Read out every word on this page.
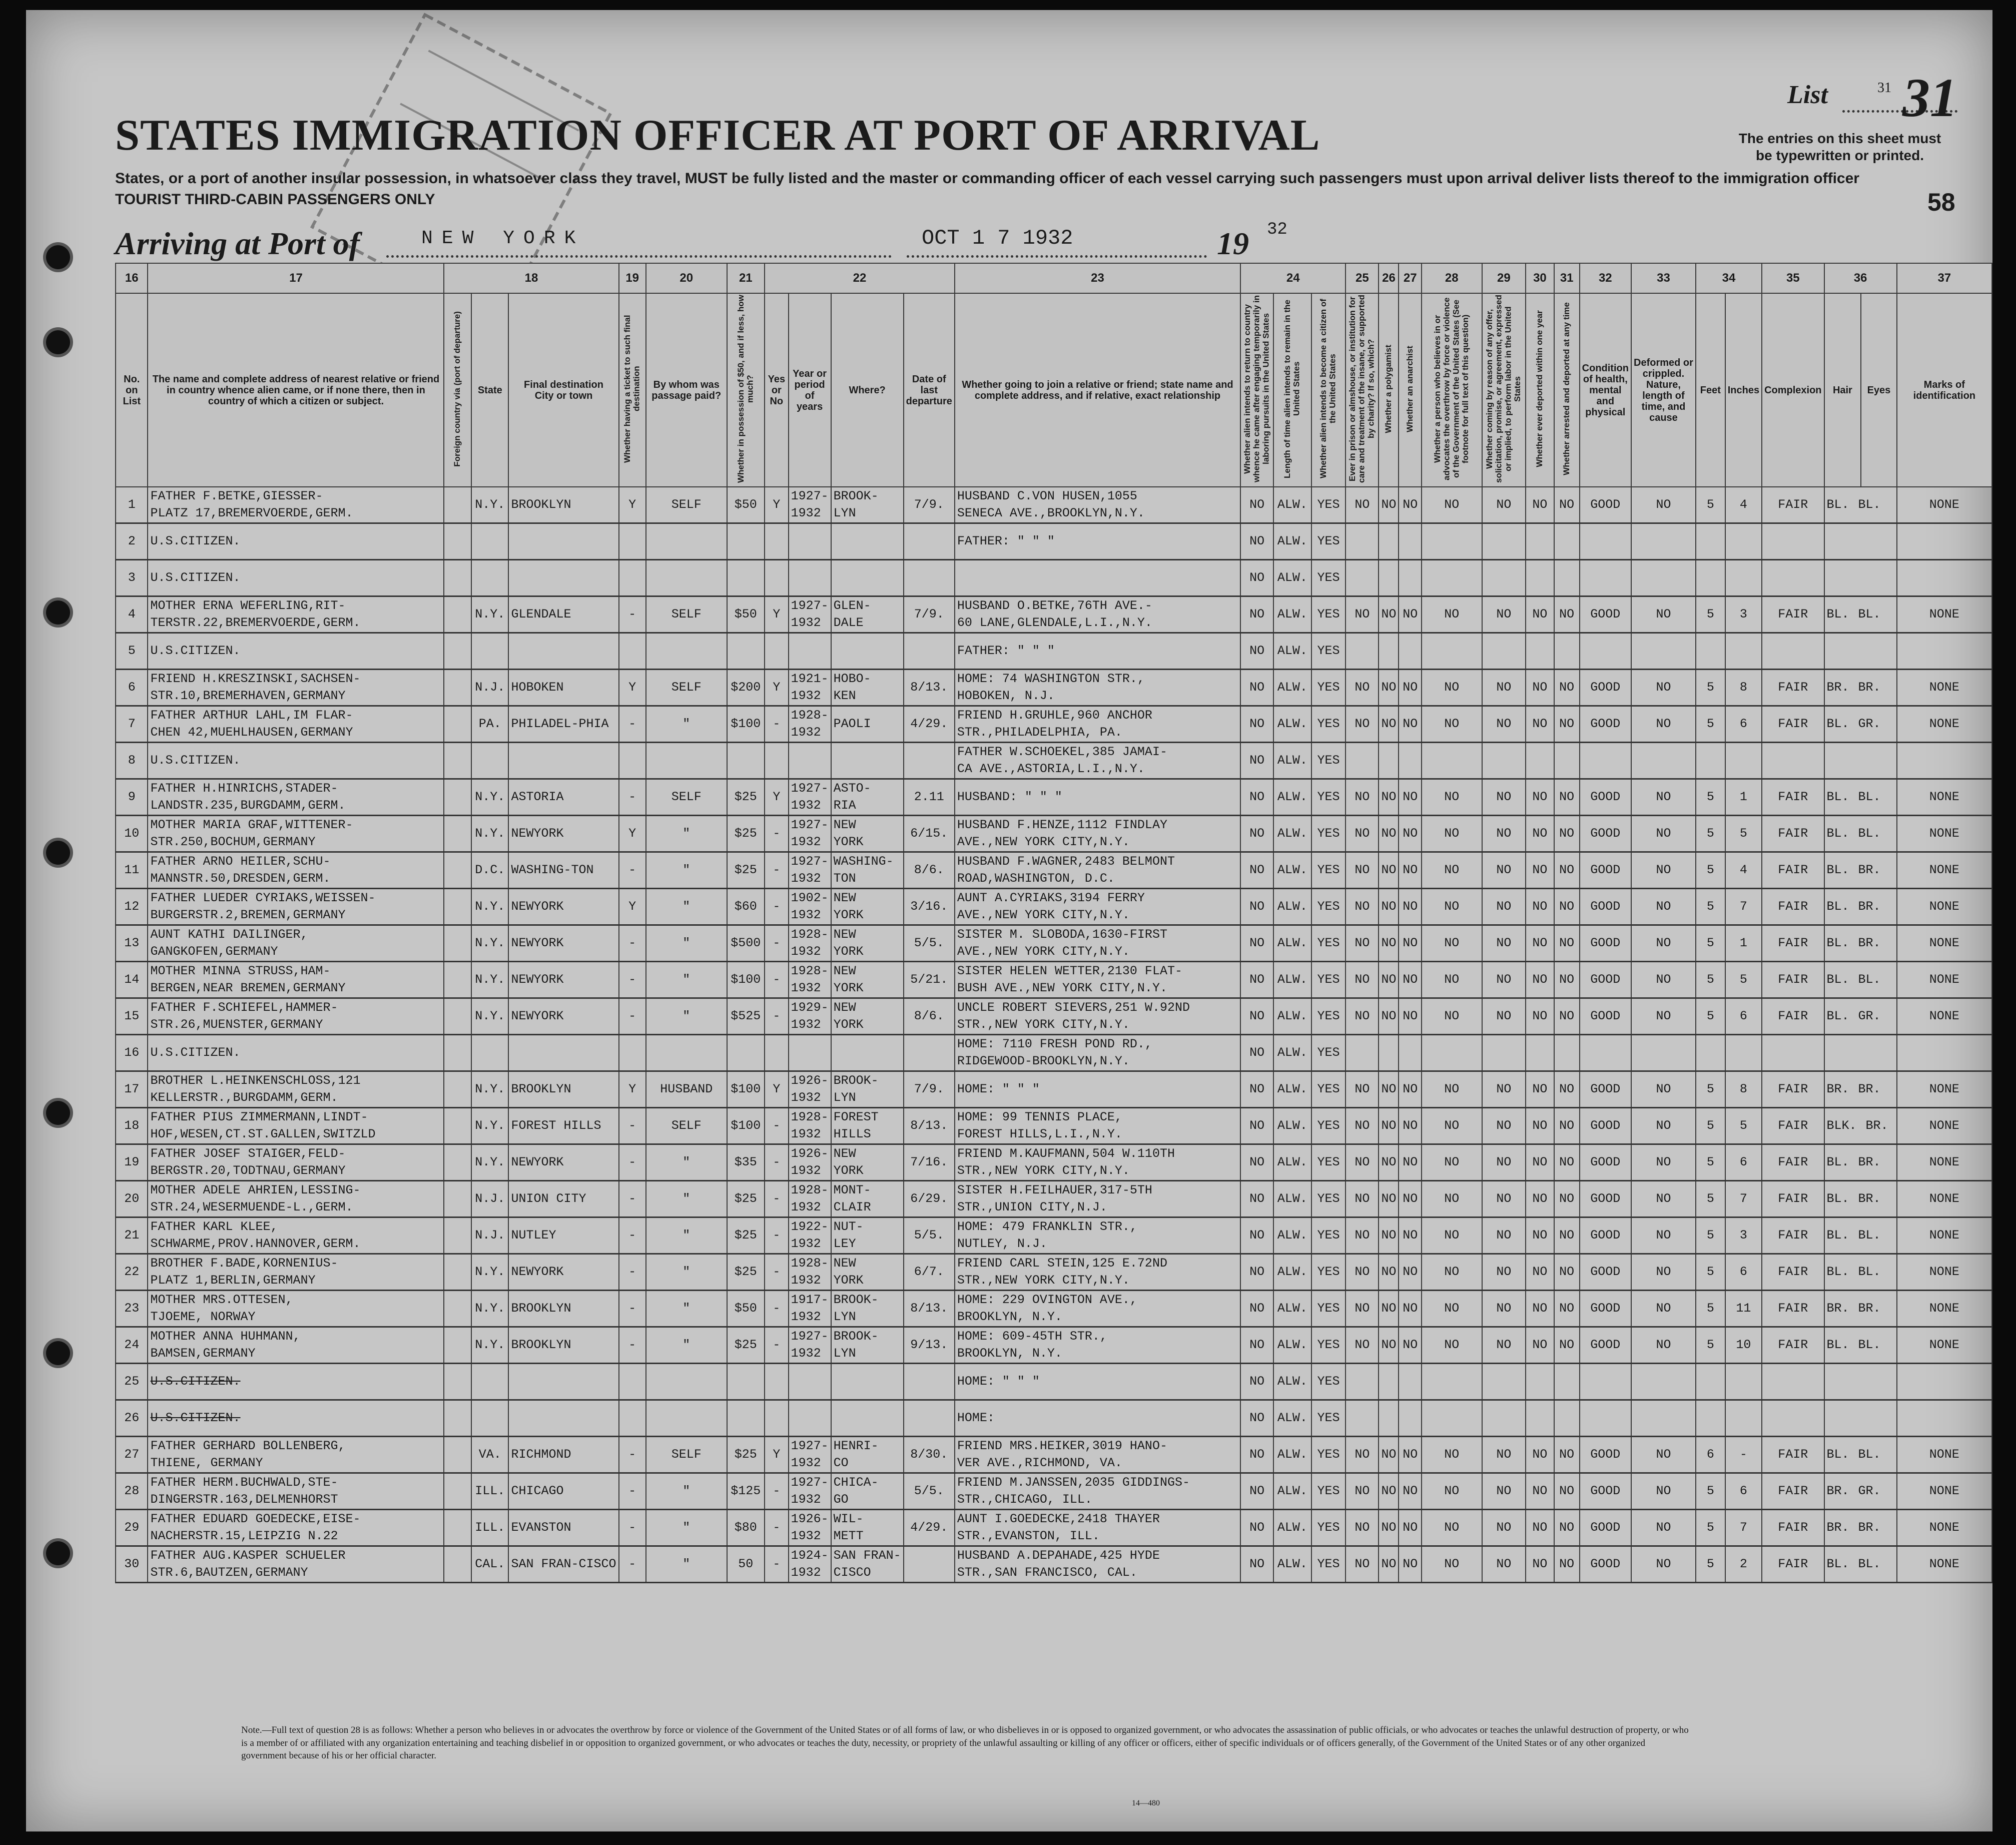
STATES IMMIGRATION OFFICER AT PORT OF ARRIVAL
States, or a port of another insular possession, in whatsoever class they travel, MUST be fully listed and the master or commanding officer of each vessel carrying such passengers must upon arrival deliver lists thereof to the immigration officer
TOURIST THIRD-CABIN PASSENGERS ONLY
List	31 31
The entries on this sheet must be typewritten or printed.
58
Arriving at Port of	NEW YORK	OCT 1 7 1932	19 32
16	17	18			19	20	21	22				23	24			25	26	27	28	29	30	31	32	33	34		35	36		37
No. on List	The name and complete address of nearest relative or friend in country whence alien came, or if none there, then in country of which a citizen or subject.	Foreign country via (port of departure)	State	Final destination
City or town	Whether having a ticket to such final destination	By whom was passage paid?	Whether in possession of $50, and if less, how much?	Yes or No	Year or period of years	Where?	Date of last departure	Whether going to join a relative or friend; state name and complete address, and if relative, exact relationship	Whether alien intends to return to country whence he came after engaging temporarily in laboring pursuits in the United States	Length of time alien intends to remain in the United States	Whether alien intends to become a citizen of the United States	Ever in prison or almshouse, or institution for care and treatment of the insane, or supported by charity? If so, which?	Whether a polygamist	Whether an anarchist	Whether a person who believes in or advocates the overthrow by force or violence of the Government of the United States (See footnote for full text of this question)	Whether coming by reason of any offer, solicitation, promise, or agreement, expressed or implied, to perform labor in the United States	Whether ever deported within one year	Whether arrested and deported at any time	Condition of health, mental and physical	Deformed or crippled. Nature, length of time, and cause	Feet	Inches	Complexion	Hair	Eyes	Marks of identification
1	FATHER F.BETKE,GIESSER-
PLATZ 17,BREMERVOERDE,GERM.		N.Y.	BROOKLYN	Y	SELF	$50	Y	1927-
1932	BROOK-
LYN	7/9.	HUSBAND C.VON HUSEN,1055
SENECA AVE.,BROOKLYN,N.Y.	NO	ALW.	YES	NO	NO	NO	NO	NO	NO	NO	GOOD	NO	5	4	FAIR	BL. BL.		NONE
2	U.S.CITIZEN.											FATHER: " " "	NO	ALW.	YES															
3	U.S.CITIZEN.												NO	ALW.	YES															
4	MOTHER ERNA WEFERLING,RIT-
TERSTR.22,BREMERVOERDE,GERM.		N.Y.	GLENDALE	-	SELF	$50	Y	1927-
1932	GLEN-
DALE	7/9.	HUSBAND O.BETKE,76TH AVE.-
60 LANE,GLENDALE,L.I.,N.Y.	NO	ALW.	YES	NO	NO	NO	NO	NO	NO	NO	GOOD	NO	5	3	FAIR	BL. BL.		NONE
5	U.S.CITIZEN.											FATHER: " " "	NO	ALW.	YES															
6	FRIEND H.KRESZINSKI,SACHSEN-
STR.10,BREMERHAVEN,GERMANY		N.J.	HOBOKEN	Y	SELF	$200	Y	1921-
1932	HOBO-
KEN	8/13.	HOME: 74 WASHINGTON STR.,
HOBOKEN, N.J.	NO	ALW.	YES	NO	NO	NO	NO	NO	NO	NO	GOOD	NO	5	8	FAIR	BR. BR.		NONE
7	FATHER ARTHUR LAHL,IM FLAR-
CHEN 42,MUEHLHAUSEN,GERMANY		PA.	PHILADEL-PHIA	-	"	$100	-	1928-
1932	PAOLI	4/29.	FRIEND H.GRUHLE,960 ANCHOR
STR.,PHILADELPHIA, PA.	NO	ALW.	YES	NO	NO	NO	NO	NO	NO	NO	GOOD	NO	5	6	FAIR	BL. GR.		NONE
8	U.S.CITIZEN.											FATHER W.SCHOEKEL,385 JAMAI-
CA AVE.,ASTORIA,L.I.,N.Y.	NO	ALW.	YES															
9	FATHER H.HINRICHS,STADER-
LANDSTR.235,BURGDAMM,GERM.		N.Y.	ASTORIA	-	SELF	$25	Y	1927-
1932	ASTO-
RIA	2.11	HUSBAND: " " "	NO	ALW.	YES	NO	NO	NO	NO	NO	NO	NO	GOOD	NO	5	1	FAIR	BL. BL.		NONE
10	MOTHER MARIA GRAF,WITTENER-
STR.250,BOCHUM,GERMANY		N.Y.	NEWYORK	Y	"	$25	-	1927-
1932	NEW
YORK	6/15.	HUSBAND F.HENZE,1112 FINDLAY
AVE.,NEW YORK CITY,N.Y.	NO	ALW.	YES	NO	NO	NO	NO	NO	NO	NO	GOOD	NO	5	5	FAIR	BL. BL.		NONE
11	FATHER ARNO HEILER,SCHU-
MANNSTR.50,DRESDEN,GERM.		D.C.	WASHING-TON	-	"	$25	-	1927-
1932	WASHING-
TON	8/6.	HUSBAND F.WAGNER,2483 BELMONT
ROAD,WASHINGTON, D.C.	NO	ALW.	YES	NO	NO	NO	NO	NO	NO	NO	GOOD	NO	5	4	FAIR	BL. BR.		NONE
12	FATHER LUEDER CYRIAKS,WEISSEN-
BURGERSTR.2,BREMEN,GERMANY		N.Y.	NEWYORK	Y	"	$60	-	1902-
1932	NEW
YORK	3/16.	AUNT A.CYRIAKS,3194 FERRY
AVE.,NEW YORK CITY,N.Y.	NO	ALW.	YES	NO	NO	NO	NO	NO	NO	NO	GOOD	NO	5	7	FAIR	BL. BR.		NONE
13	AUNT KATHI DAILINGER,
GANGKOFEN,GERMANY		N.Y.	NEWYORK	-	"	$500	-	1928-
1932	NEW
YORK	5/5.	SISTER M. SLOBODA,1630-FIRST
AVE.,NEW YORK CITY,N.Y.	NO	ALW.	YES	NO	NO	NO	NO	NO	NO	NO	GOOD	NO	5	1	FAIR	BL. BR.		NONE
14	MOTHER MINNA STRUSS,HAM-
BERGEN,NEAR BREMEN,GERMANY		N.Y.	NEWYORK	-	"	$100	-	1928-
1932	NEW
YORK	5/21.	SISTER HELEN WETTER,2130 FLAT-
BUSH AVE.,NEW YORK CITY,N.Y.	NO	ALW.	YES	NO	NO	NO	NO	NO	NO	NO	GOOD	NO	5	5	FAIR	BL. BL.		NONE
15	FATHER F.SCHIEFEL,HAMMER-
STR.26,MUENSTER,GERMANY		N.Y.	NEWYORK	-	"	$525	-	1929-
1932	NEW
YORK	8/6.	UNCLE ROBERT SIEVERS,251 W.92ND
STR.,NEW YORK CITY,N.Y.	NO	ALW.	YES	NO	NO	NO	NO	NO	NO	NO	GOOD	NO	5	6	FAIR	BL. GR.		NONE
16	U.S.CITIZEN.											HOME: 7110 FRESH POND RD.,
RIDGEWOOD-BROOKLYN,N.Y.	NO	ALW.	YES															
17	BROTHER L.HEINKENSCHLOSS,121
KELLERSTR.,BURGDAMM,GERM.		N.Y.	BROOKLYN	Y	HUSBAND	$100	Y	1926-
1932	BROOK-
LYN	7/9.	HOME: " " "	NO	ALW.	YES	NO	NO	NO	NO	NO	NO	NO	GOOD	NO	5	8	FAIR	BR. BR.		NONE
18	FATHER PIUS ZIMMERMANN,LINDT-
HOF,WESEN,CT.ST.GALLEN,SWITZLD		N.Y.	FOREST HILLS	-	SELF	$100	-	1928-
1932	FOREST
HILLS	8/13.	HOME: 99 TENNIS PLACE,
FOREST HILLS,L.I.,N.Y.	NO	ALW.	YES	NO	NO	NO	NO	NO	NO	NO	GOOD	NO	5	5	FAIR	BLK. BR.		NONE
19	FATHER JOSEF STAIGER,FELD-
BERGSTR.20,TODTNAU,GERMANY		N.Y.	NEWYORK	-	"	$35	-	1926-
1932	NEW
YORK	7/16.	FRIEND M.KAUFMANN,504 W.110TH
STR.,NEW YORK CITY,N.Y.	NO	ALW.	YES	NO	NO	NO	NO	NO	NO	NO	GOOD	NO	5	6	FAIR	BL. BR.		NONE
20	MOTHER ADELE AHRIEN,LESSING-
STR.24,WESERMUENDE-L.,GERM.		N.J.	UNION CITY	-	"	$25	-	1928-
1932	MONT-
CLAIR	6/29.	SISTER H.FEILHAUER,317-5TH
STR.,UNION CITY,N.J.	NO	ALW.	YES	NO	NO	NO	NO	NO	NO	NO	GOOD	NO	5	7	FAIR	BL. BR.		NONE
21	FATHER KARL KLEE,
SCHWARME,PROV.HANNOVER,GERM.		N.J.	NUTLEY	-	"	$25	-	1922-
1932	NUT-
LEY	5/5.	HOME: 479 FRANKLIN STR.,
NUTLEY, N.J.	NO	ALW.	YES	NO	NO	NO	NO	NO	NO	NO	GOOD	NO	5	3	FAIR	BL. BL.		NONE
22	BROTHER F.BADE,KORNENIUS-
PLATZ 1,BERLIN,GERMANY		N.Y.	NEWYORK	-	"	$25	-	1928-
1932	NEW
YORK	6/7.	FRIEND CARL STEIN,125 E.72ND
STR.,NEW YORK CITY,N.Y.	NO	ALW.	YES	NO	NO	NO	NO	NO	NO	NO	GOOD	NO	5	6	FAIR	BL. BL.		NONE
23	MOTHER MRS.OTTESEN,
TJOEME, NORWAY		N.Y.	BROOKLYN	-	"	$50	-	1917-
1932	BROOK-
LYN	8/13.	HOME: 229 OVINGTON AVE.,
BROOKLYN, N.Y.	NO	ALW.	YES	NO	NO	NO	NO	NO	NO	NO	GOOD	NO	5	11	FAIR	BR. BR.		NONE
24	MOTHER ANNA HUHMANN,
BAMSEN,GERMANY		N.Y.	BROOKLYN	-	"	$25	-	1927-
1932	BROOK-
LYN	9/13.	HOME: 609-45TH STR.,
BROOKLYN, N.Y.	NO	ALW.	YES	NO	NO	NO	NO	NO	NO	NO	GOOD	NO	5	10	FAIR	BL. BL.		NONE
25	U.S.CITIZEN.											HOME: " " "	NO	ALW.	YES															
26	U.S.CITIZEN.											HOME:	NO	ALW.	YES															
27	FATHER GERHARD BOLLENBERG,
THIENE, GERMANY		VA.	RICHMOND	-	SELF	$25	Y	1927-
1932	HENRI-
CO	8/30.	FRIEND MRS.HEIKER,3019 HANO-
VER AVE.,RICHMOND, VA.	NO	ALW.	YES	NO	NO	NO	NO	NO	NO	NO	GOOD	NO	6	-	FAIR	BL. BL.		NONE
28	FATHER HERM.BUCHWALD,STE-
DINGERSTR.163,DELMENHORST		ILL.	CHICAGO	-	"	$125	-	1927-
1932	CHICA-
GO	5/5.	FRIEND M.JANSSEN,2035 GIDDINGS-
STR.,CHICAGO, ILL.	NO	ALW.	YES	NO	NO	NO	NO	NO	NO	NO	GOOD	NO	5	6	FAIR	BR. GR.		NONE
29	FATHER EDUARD GOEDECKE,EISE-
NACHERSTR.15,LEIPZIG N.22		ILL.	EVANSTON	-	"	$80	-	1926-
1932	WIL-
METT	4/29.	AUNT I.GOEDECKE,2418 THAYER
STR.,EVANSTON, ILL.	NO	ALW.	YES	NO	NO	NO	NO	NO	NO	NO	GOOD	NO	5	7	FAIR	BR. BR.		NONE
30	FATHER AUG.KASPER SCHUELER
STR.6,BAUTZEN,GERMANY		CAL.	SAN FRAN-CISCO	-	"	50	-	1924-
1932	SAN FRAN-
CISCO		HUSBAND A.DEPAHADE,425 HYDE
STR.,SAN FRANCISCO, CAL.	NO	ALW.	YES	NO	NO	NO	NO	NO	NO	NO	GOOD	NO	5	2	FAIR	BL. BL.		NONE
Note.—Full text of question 28 is as follows: Whether a person who believes in or advocates the overthrow by force or violence of the Government of the United States or of all forms of law, or who disbelieves in or is opposed to organized government, or who advocates the assassination of public officials, or who advocates or teaches the unlawful destruction of property, or who is a member of or affiliated with any organization entertaining and teaching disbelief in or opposition to organized government, or who advocates or teaches the duty, necessity, or propriety of the unlawful assaulting or killing of any officer or officers, either of specific individuals or of officers generally, of the Government of the United States or of any other organized government because of his or her official character.
14—480
